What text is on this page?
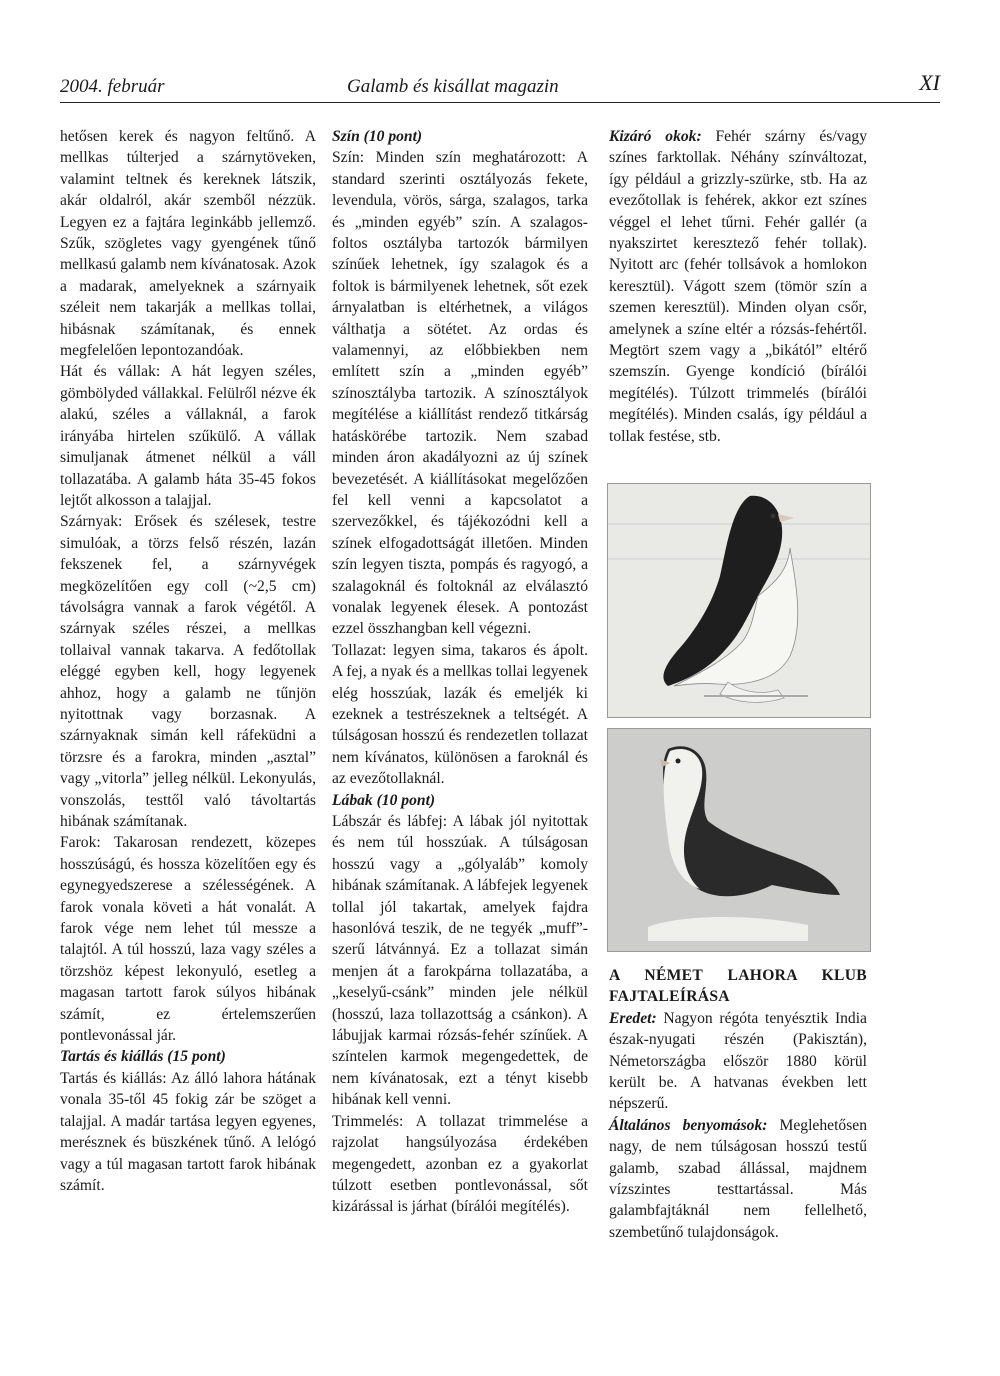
2004. február	Galamb és kisállat magazin	XI

hetősen kerek és nagyon feltűnő. A mellkas túlterjed a szárnytöveken, valamint teltnek és kereknek látszik, akár oldalról, akár szemből nézzük. Legyen ez a fajtára leginkább jellemző. Szűk, szögletes vagy gyengének tűnő mellkasú galamb nem kívánatosak. Azok a madarak, amelyeknek a szárnyaik széleit nem takarják a mellkas tollai, hibásnak számítanak, és ennek megfelelően lepontozandóak.

Hát és vállak: A hát legyen széles, gömbölyded vállakkal. Felülről nézve ék alakú, széles a vállaknál, a farok irányába hirtelen szűkülő. A vállak simuljanak átmenet nélkül a váll tollazatába. A galamb háta 35-45 fokos lejtőt alkosson a talajjal.

Szárnyak: Erősek és szélesek, testre simulóak, a törzs felső részén, lazán fekszenek fel, a szárnyvégek megközelítően egy coll (~2,5 cm) távolságra vannak a farok végétől. A szárnyak széles részei, a mellkas tollaival vannak takarva. A fedőtollak eléggé egyben kell, hogy legyenek ahhoz, hogy a galamb ne tűnjön nyitottnak vagy borzasnak. A szárnyaknak simán kell ráfeküdni a törzsre és a farokra, minden „asztal” vagy „vitorla” jelleg nélkül. Lekonyulás, vonszolás, testtől való távoltartás hibának számítanak.

Farok: Takarosan rendezett, közepes hosszúságú, és hossza közelítően egy és egynegyedszerese a szélességének. A farok vonala követi a hát vonalát. A farok vége nem lehet túl messze a talajtól. A túl hosszú, laza vagy széles a törzshöz képest lekonyuló, esetleg a magasan tartott farok súlyos hibának számít, ez értelemszerűen pontlevonással jár.

Tartás és kiállás (15 pont)

Tartás és kiállás: Az álló lahora hátának vonala 35-től 45 fokig zár be szöget a talajjal. A madár tartása legyen egyenes, merésznek és büszkének tűnő. A lelógó vagy a túl magasan tartott farok hibának számít.

Szín (10 pont)

Szín: Minden szín meghatározott: A standard szerinti osztályozás fekete, levendula, vörös, sárga, szalagos, tarka és „minden egyéb” szín. A szalagos-foltos osztályba tartozók bármilyen színűek lehetnek, így szalagok és a foltok is bármilyenek lehetnek, sőt ezek árnyalatban is eltérhetnek, a világos válthatja a sötétet. Az ordas és valamennyi, az előbbiekben nem említett szín a „minden egyéb” színosztályba tartozik. A színosztályok megítélése a kiállítást rendező titkárság hatáskörébe tartozik. Nem szabad minden áron akadályozni az új színek bevezetését. A kiállításokat megelőzően fel kell venni a kapcsolatot a szervezőkkel, és tájékozódni kell a színek elfogadottságát illetően. Minden szín legyen tiszta, pompás és ragyogó, a szalagoknál és foltoknál az elválasztó vonalak legyenek élesek. A pontozást ezzel összhangban kell végezni.

Tollazat: legyen sima, takaros és ápolt. A fej, a nyak és a mellkas tollai legyenek elég hosszúak, lazák és emeljék ki ezeknek a testrészeknek a teltségét. A túlságosan hosszú és rendezetlen tollazat nem kívánatos, különösen a faroknál és az evezőtollaknál.

Lábak (10 pont)

Lábszár és lábfej: A lábak jól nyitottak és nem túl hosszúak. A túlságosan hosszú vagy a „gólyaláb” komoly hibának számítanak. A lábfejek legyenek tollal jól takartak, amelyek fajdra hasonlóvá teszik, de ne tegyék „muff”-szerű látvánnyá. Ez a tollazat simán menjen át a farokpárna tollazatába, a „keselyű-csánk” minden jele nélkül (hosszú, laza tollazottság a csánkon). A lábujjak karmai rózsás-fehér színűek. A színtelen karmok megengedettek, de nem kívánatosak, ezt a tényt kisebb hibának kell venni.

Trimmelés: A tollazat trimmelése a rajzolat hangsúlyozása érdekében megengedett, azonban ez a gyakorlat túlzott esetben pontlevonással, sőt kizárással is járhat (bírálói megítélés).

Kizáró okok: Fehér szárny és/vagy színes farktollak. Néhány színváltozat, így például a grizzly-szürke, stb. Ha az evezőtollak is fehérek, akkor ezt színes véggel el lehet tűrni. Fehér gallér (a nyakszirtet keresztező fehér tollak). Nyitott arc (fehér tollsávok a homlokon keresztül). Vágott szem (tömör szín a szemen keresztül). Minden olyan csőr, amelynek a színe eltér a rózsás-fehértől. Megtört szem vagy a „bikától” eltérő szemszín. Gyenge kondíció (bírálói megítélés). Túlzott trimmelés (bírálói megítélés). Minden csalás, így például a tollak festése, stb.

A NÉMET LAHORA KLUB FAJTALEÍRÁSA

Eredet: Nagyon régóta tenyésztik India észak-nyugati részén (Pakisztán), Németországba először 1880 körül került be. A hatvanas években lett népszerű.

Általános benyomások: Meglehetősen nagy, de nem túlságosan hosszú testű galamb, szabad állással, majdnem vízszintes testtartással. Más galambfajtáknál nem fellelhető, szembetűnő tulajdonságok.
